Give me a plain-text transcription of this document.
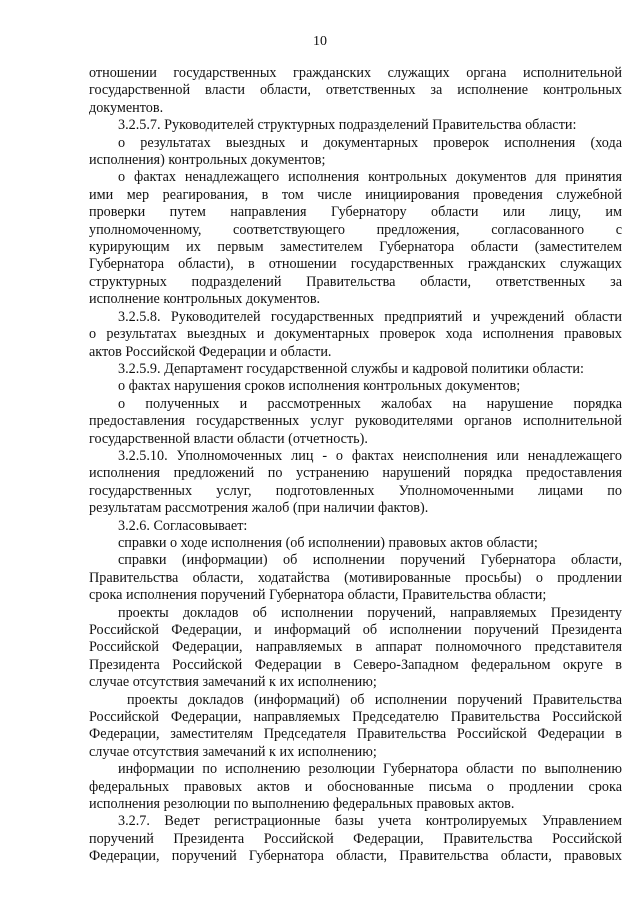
10

отношении государственных гражданских служащих органа исполнительной

государственной власти области, ответственных за исполнение контрольных

документов.

3.2.5.7. Руководителей структурных подразделений Правительства области:

о результатах выездных и документарных проверок исполнения (хода

исполнения) контрольных документов;

о фактах ненадлежащего исполнения контрольных документов для принятия

ими мер реагирования, в том числе инициирования проведения служебной

проверки путем направления Губернатору области или лицу, им

уполномоченному, соответствующего предложения, согласованного с

курирующим их первым заместителем Губернатора области (заместителем

Губернатора области), в отношении государственных гражданских служащих

структурных подразделений Правительства области, ответственных за

исполнение контрольных документов.

3.2.5.8. Руководителей государственных предприятий и учреждений области

о результатах выездных и документарных проверок хода исполнения правовых

актов Российской Федерации и области.

3.2.5.9. Департамент государственной службы и кадровой политики области:

о фактах нарушения сроков исполнения контрольных документов;

о полученных и рассмотренных жалобах на нарушение порядка

предоставления государственных услуг руководителями органов исполнительной

государственной власти области (отчетность).

3.2.5.10. Уполномоченных лиц - о фактах неисполнения или ненадлежащего

исполнения предложений по устранению нарушений порядка предоставления

государственных услуг, подготовленных Уполномоченными лицами по

результатам рассмотрения жалоб (при наличии фактов).

3.2.6. Согласовывает:

справки о ходе исполнения (об исполнении) правовых актов области;

справки (информации) об исполнении поручений Губернатора области,

Правительства области, ходатайства (мотивированные просьбы) о продлении

срока исполнения поручений Губернатора области, Правительства области;

проекты докладов об исполнении поручений, направляемых Президенту

Российской Федерации, и информаций об исполнении поручений Президента

Российской Федерации, направляемых в аппарат полномочного представителя

Президента Российской Федерации в Северо-Западном федеральном округе в

случае отсутствия замечаний к их исполнению;

проекты докладов (информаций) об исполнении поручений Правительства

Российской Федерации, направляемых Председателю Правительства Российской

Федерации, заместителям Председателя Правительства Российской Федерации в

случае отсутствия замечаний к их исполнению;

информации по исполнению резолюции Губернатора области по выполнению

федеральных правовых актов и обоснованные письма о продлении срока

исполнения резолюции по выполнению федеральных правовых актов.

3.2.7. Ведет регистрационные базы учета контролируемых Управлением

поручений Президента Российской Федерации, Правительства Российской

Федерации, поручений Губернатора области, Правительства области, правовых
